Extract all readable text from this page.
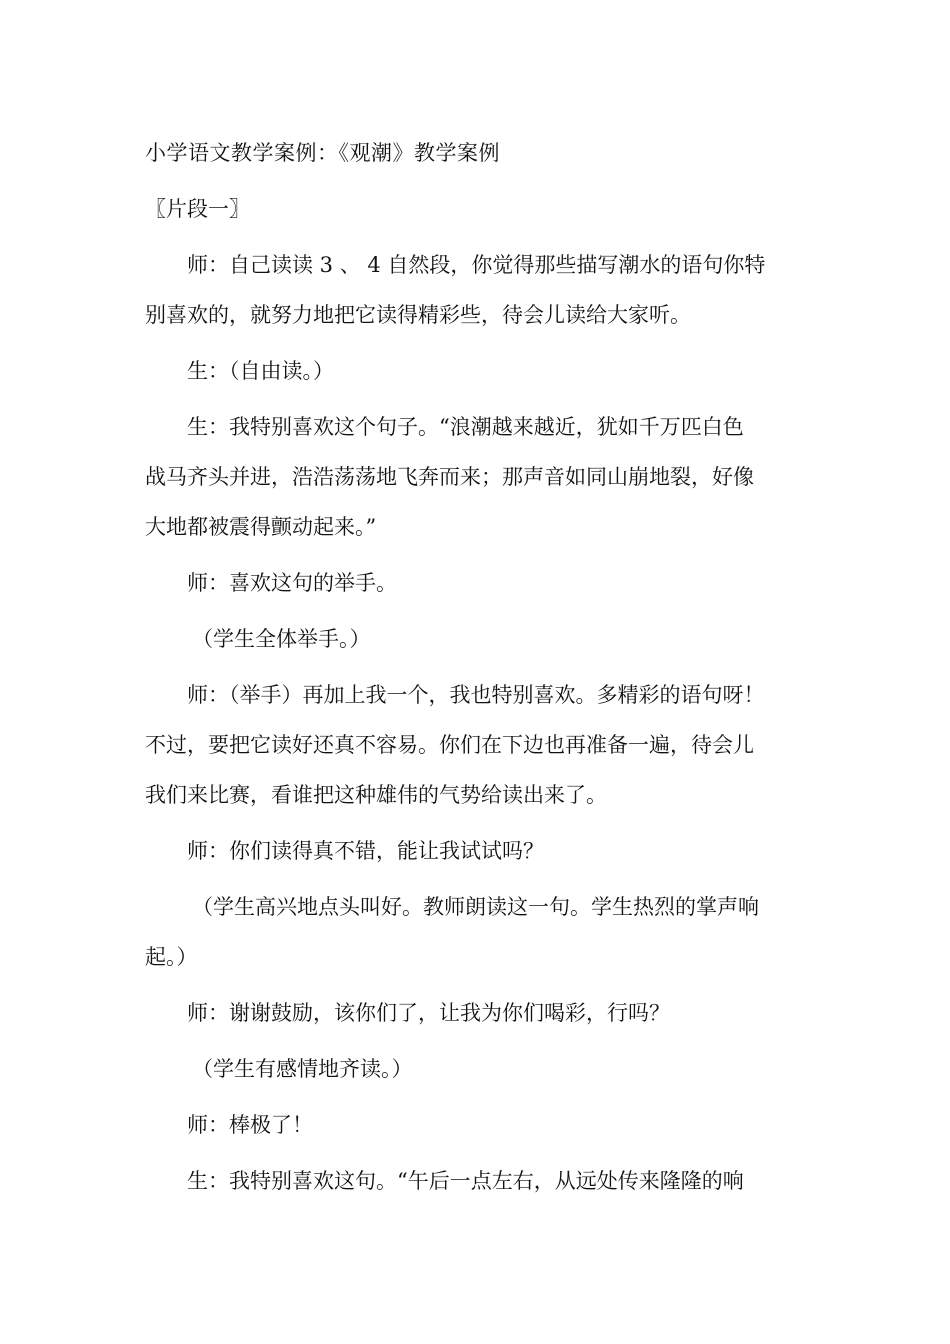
小学语文教学案例：《观潮》教学案例

〖片段一〗

师：自己读读 3 、 4 自然段，你觉得那些描写潮水的语句你特

别喜欢的，就努力地把它读得精彩些，待会儿读给大家听。

生：（自由读。）

生：我特别喜欢这个句子。“浪潮越来越近，犹如千万匹白色

战马齐头并进，浩浩荡荡地飞奔而来；那声音如同山崩地裂，好像

大地都被震得颤动起来。”

师：喜欢这句的举手。

（学生全体举手。）

师：（举手）再加上我一个，我也特别喜欢。多精彩的语句呀！

不过，要把它读好还真不容易。你们在下边也再准备一遍，待会儿

我们来比赛，看谁把这种雄伟的气势给读出来了。

师：你们读得真不错，能让我试试吗？

（学生高兴地点头叫好。教师朗读这一句。学生热烈的掌声响

起。）

师：谢谢鼓励，该你们了，让我为你们喝彩，行吗？

（学生有感情地齐读。）

师：棒极了！

生：我特别喜欢这句。“午后一点左右，从远处传来隆隆的响
